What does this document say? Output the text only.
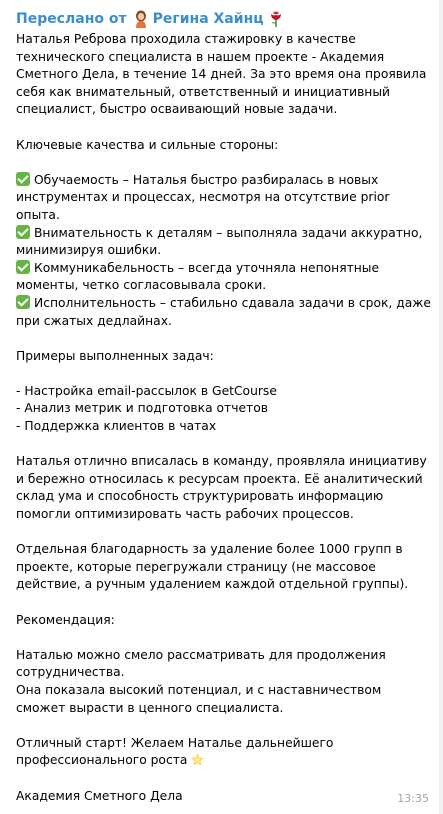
Переслано от Регина Хайнц

Наталья Реброва проходила стажировку в качестве технического специалиста в нашем проекте - Академия Сметного Дела, в течение 14 дней. За это время она проявила себя как внимательный, ответственный и инициативный специалист, быстро осваивающий новые задачи.

Ключевые качества и сильные стороны:

Обучаемость – Наталья быстро разбиралась в новых инструментах и процессах, несмотря на отсутствие prior опыта.

Внимательность к деталям – выполняла задачи аккуратно, минимизируя ошибки.

Коммуникабельность – всегда уточняла непонятные моменты, четко согласовывала сроки.

Исполнительность – стабильно сдавала задачи в срок, даже при сжатых дедлайнах.

Примеры выполненных задач:

- Настройка email-рассылок в GetCourse

- Анализ метрик и подготовка отчетов

- Поддержка клиентов в чатах

Наталья отлично вписалась в команду, проявляла инициативу и бережно относилась к ресурсам проекта. Её аналитический склад ума и способность структурировать информацию помогли оптимизировать часть рабочих процессов.

Отдельная благодарность за удаление более 1000 групп в проекте, которые перегружали страницу (не массовое действие, а ручным удалением каждой отдельной группы).

Рекомендация:

Наталью можно смело рассматривать для продолжения сотрудничества.

Она показала высокий потенциал, и с наставничеством сможет вырасти в ценного специалиста.

Отличный старт! Желаем Наталье дальнейшего профессионального роста

Академия Сметного Дела	13:35
